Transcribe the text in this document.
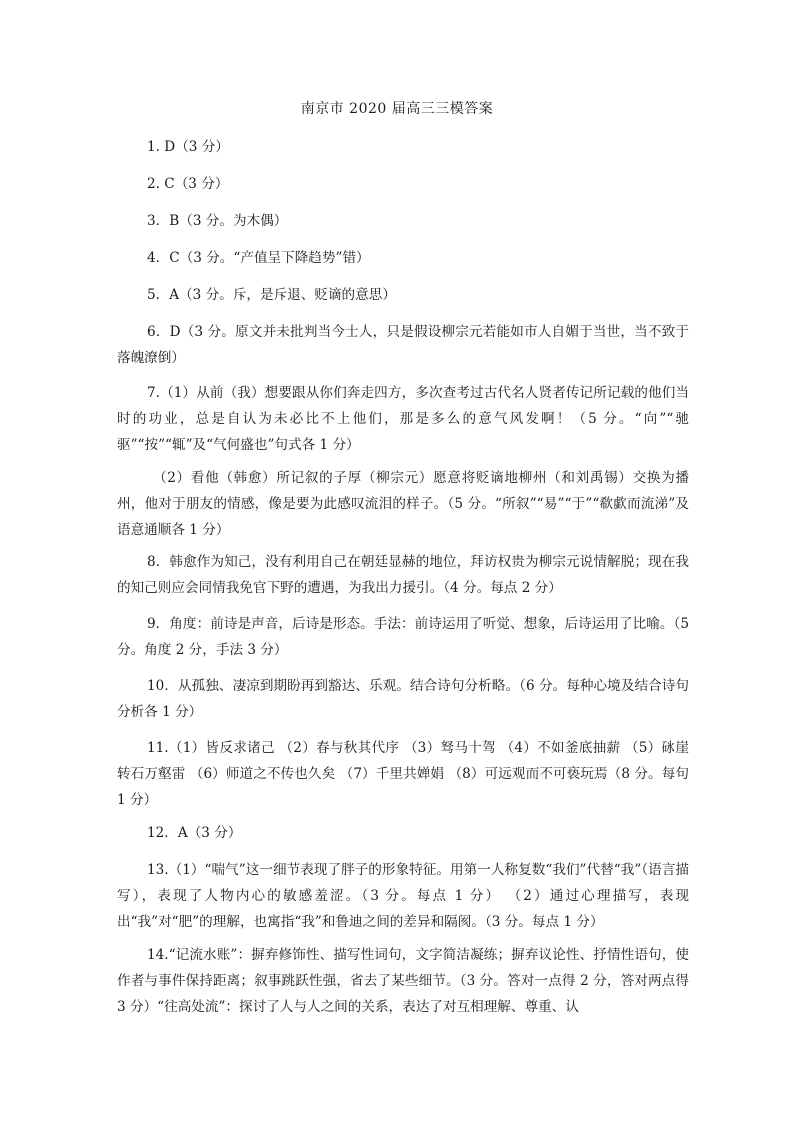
南京市 2020 届高三三模答案
1. D（3 分）
2. C（3 分）
3．B（3 分。为木偶）
4．C（3 分。“产值呈下降趋势”错）
5．A（3 分。斥，是斥退、贬谪的意思）
6．D（3 分。原文并未批判当今士人，只是假设柳宗元若能如市人自媚于当世，当不致于落魄潦倒）
7.（1）从前（我）想要跟从你们奔走四方，多次查考过古代名人贤者传记所记载的他们当时的功业，总是自认为未必比不上他们，那是多么的意气风发啊！（5 分。“向”“驰驱”“按”“辄”及“气何盛也”句式各 1 分）
（2）看他（韩愈）所记叙的子厚（柳宗元）愿意将贬谪地柳州（和刘禹锡）交换为播州，他对于朋友的情感，像是要为此感叹流泪的样子。（5 分。“所叙”“易”“于”“欷歔而流涕”及语意通顺各 1 分）
8．韩愈作为知己，没有利用自己在朝廷显赫的地位，拜访权贵为柳宗元说情解脱；现在我的知己则应会同情我免官下野的遭遇，为我出力援引。（4 分。每点 2 分）
9．角度：前诗是声音，后诗是形态。手法：前诗运用了听觉、想象，后诗运用了比喻。（5 分。角度 2 分，手法 3 分）
10．从孤独、凄凉到期盼再到豁达、乐观。结合诗句分析略。（6 分。每种心境及结合诗句分析各 1 分）
11.（1）皆反求诸己 （2）春与秋其代序 （3）驽马十驾 （4）不如釜底抽薪 （5）砯崖转石万壑雷 （6）师道之不传也久矣 （7）千里共婵娟 （8）可远观而不可亵玩焉（8 分。每句 1 分）
12．A（3 分）
13.（1）“喘气”这一细节表现了胖子的形象特征。用第一人称复数“我们”代替“我”（语言描写），表现了人物内心的敏感羞涩。（3 分。每点 1 分） （2）通过心理描写，表现出“我”对“肥”的理解，也寓指“我”和鲁迪之间的差异和隔阂。（3 分。每点 1 分）
14.“记流水账”：摒弃修饰性、描写性词句，文字简洁凝练；摒弃议论性、抒情性语句，使作者与事件保持距离；叙事跳跃性强，省去了某些细节。（3 分。答对一点得 2 分，答对两点得 3 分）“往高处流”：探讨了人与人之间的关系，表达了对互相理解、尊重、认
